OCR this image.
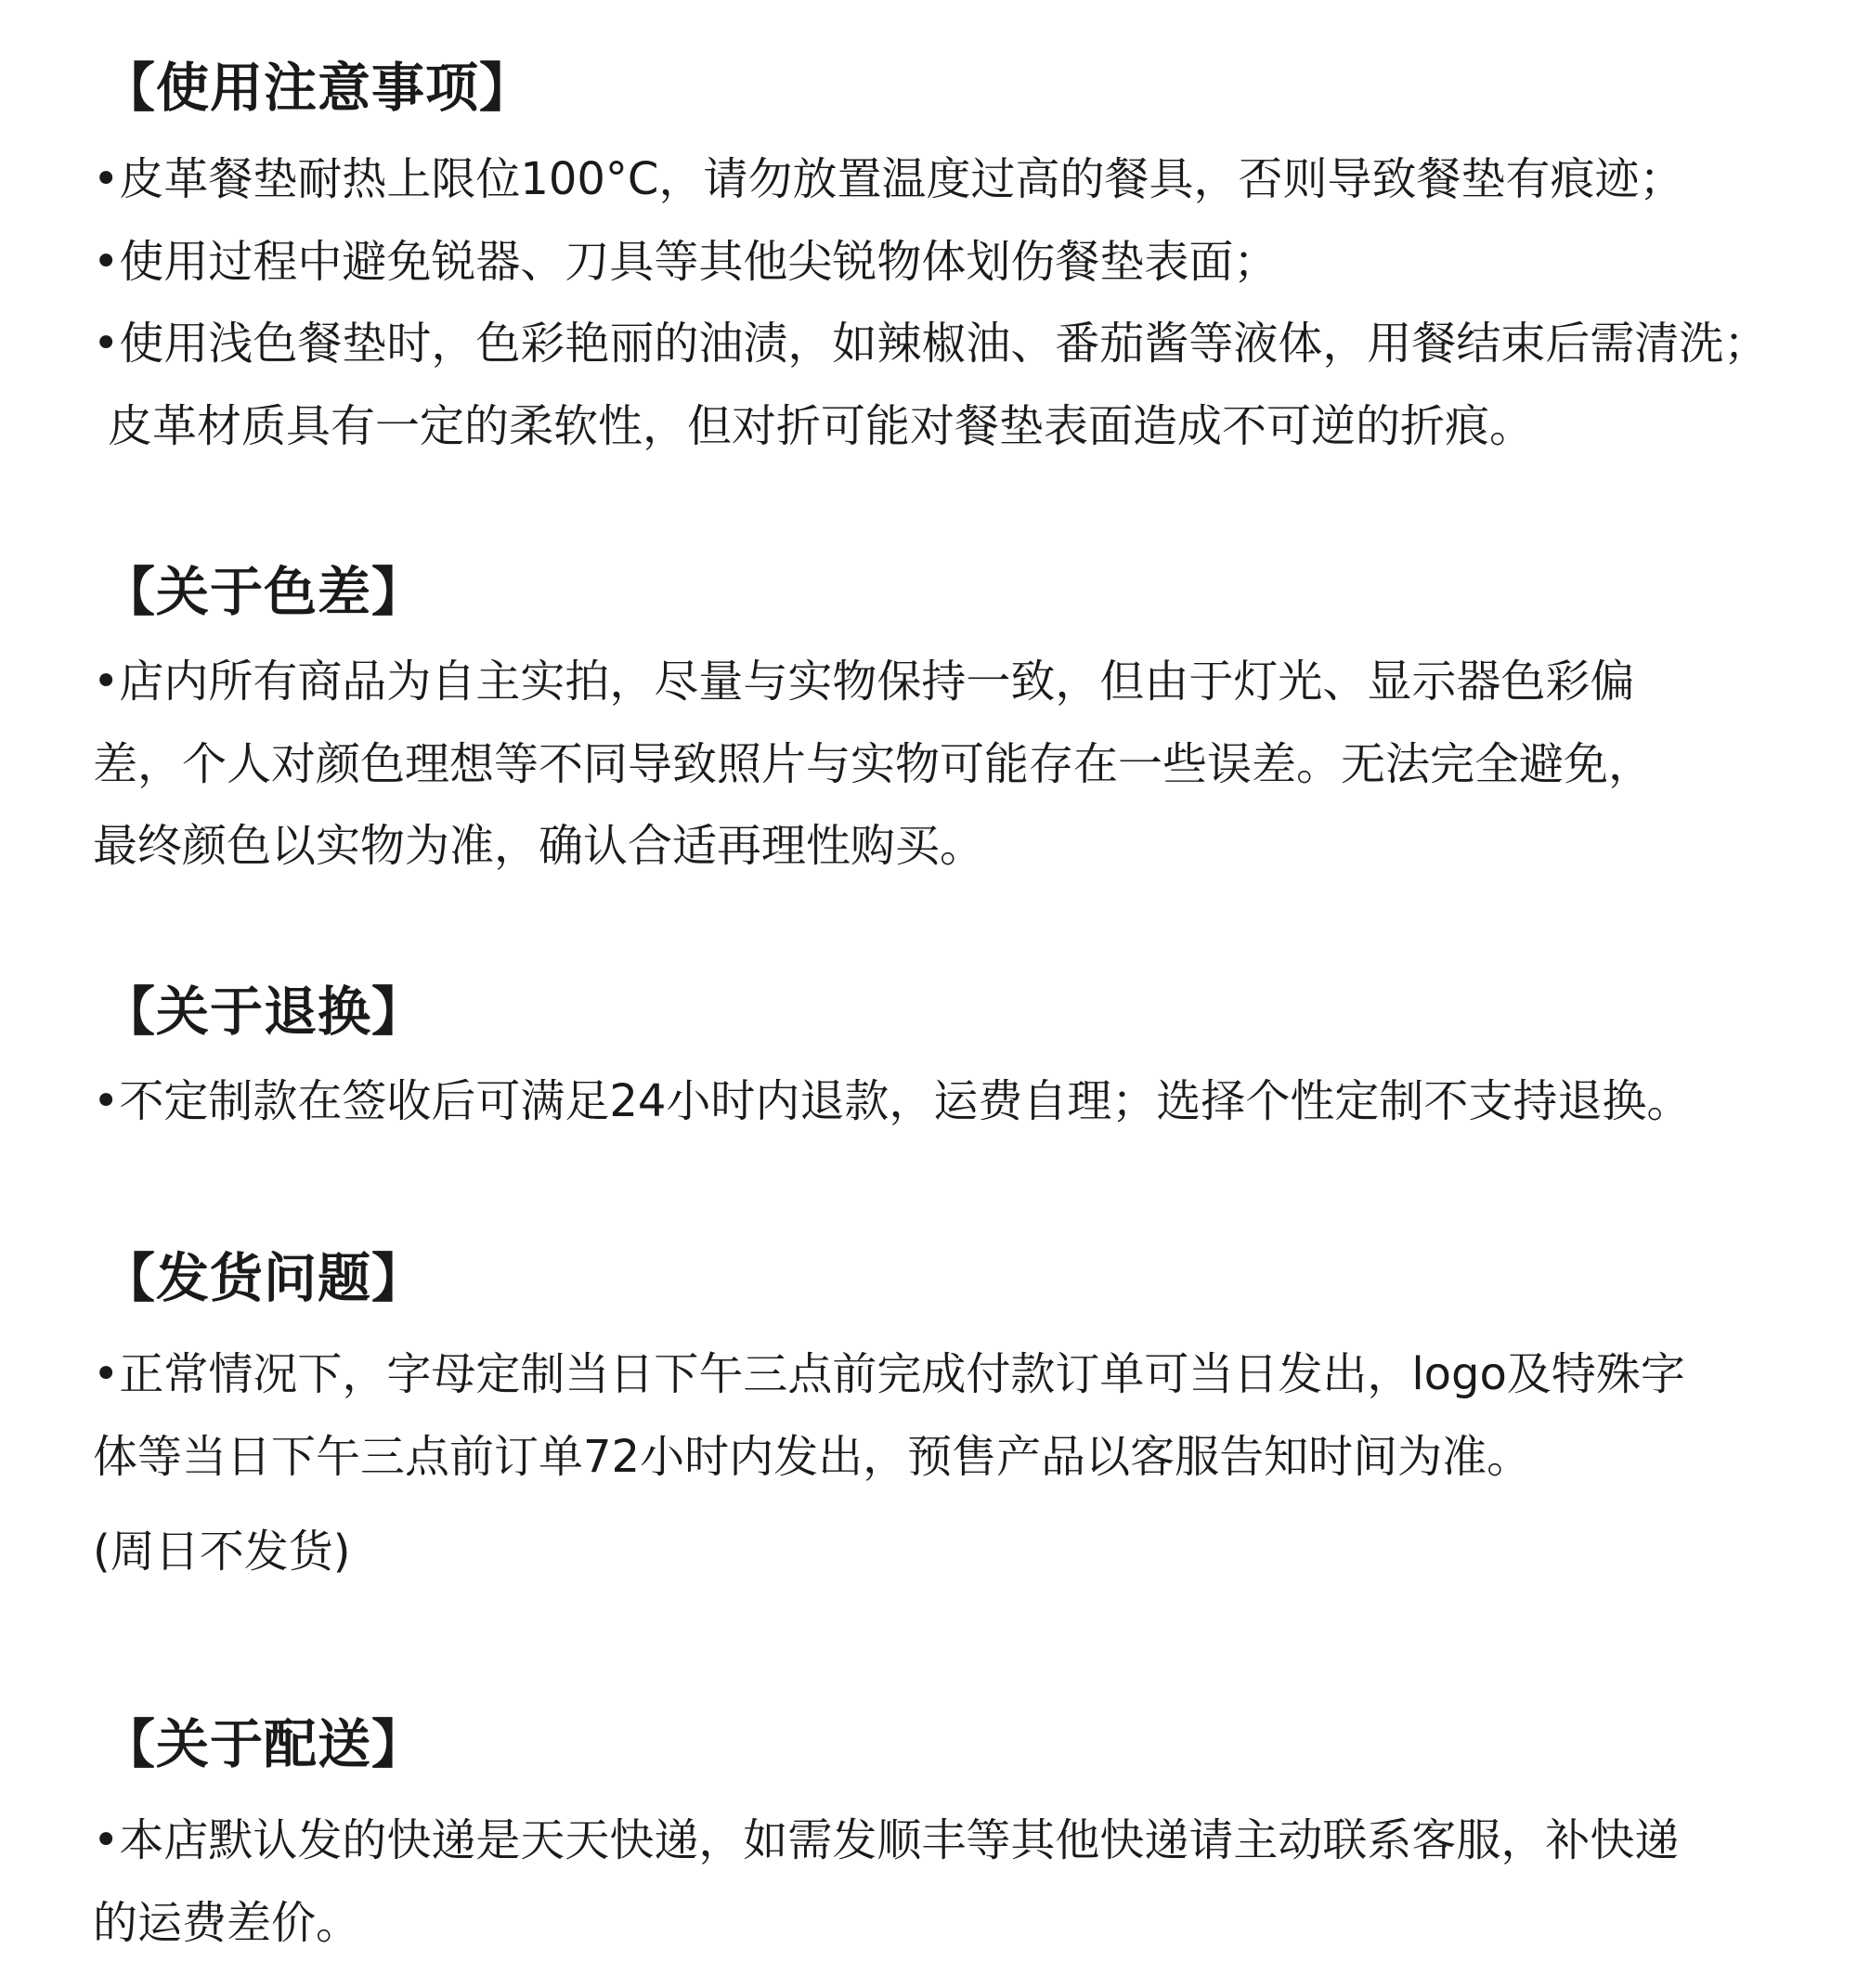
【使用注意事项】

•皮革餐垫耐热上限位100°C，请勿放置温度过高的餐具，否则导致餐垫有痕迹；

•使用过程中避免锐器、刀具等其他尖锐物体划伤餐垫表面；

•使用浅色餐垫时，色彩艳丽的油渍，如辣椒油、番茄酱等液体，用餐结束后需清洗；

皮革材质具有一定的柔软性，但对折可能对餐垫表面造成不可逆的折痕。

【关于色差】

•店内所有商品为自主实拍，尽量与实物保持一致，但由于灯光、显示器色彩偏

差，个人对颜色理想等不同导致照片与实物可能存在一些误差。无法完全避免，

最终颜色以实物为准，确认合适再理性购买。

【关于退换】

•不定制款在签收后可满足24小时内退款，运费自理；选择个性定制不支持退换。

【发货问题】

•正常情况下，字母定制当日下午三点前完成付款订单可当日发出，logo及特殊字

体等当日下午三点前订单72小时内发出，预售产品以客服告知时间为准。

(周日不发货)

【关于配送】

•本店默认发的快递是天天快递，如需发顺丰等其他快递请主动联系客服，补快递

的运费差价。
